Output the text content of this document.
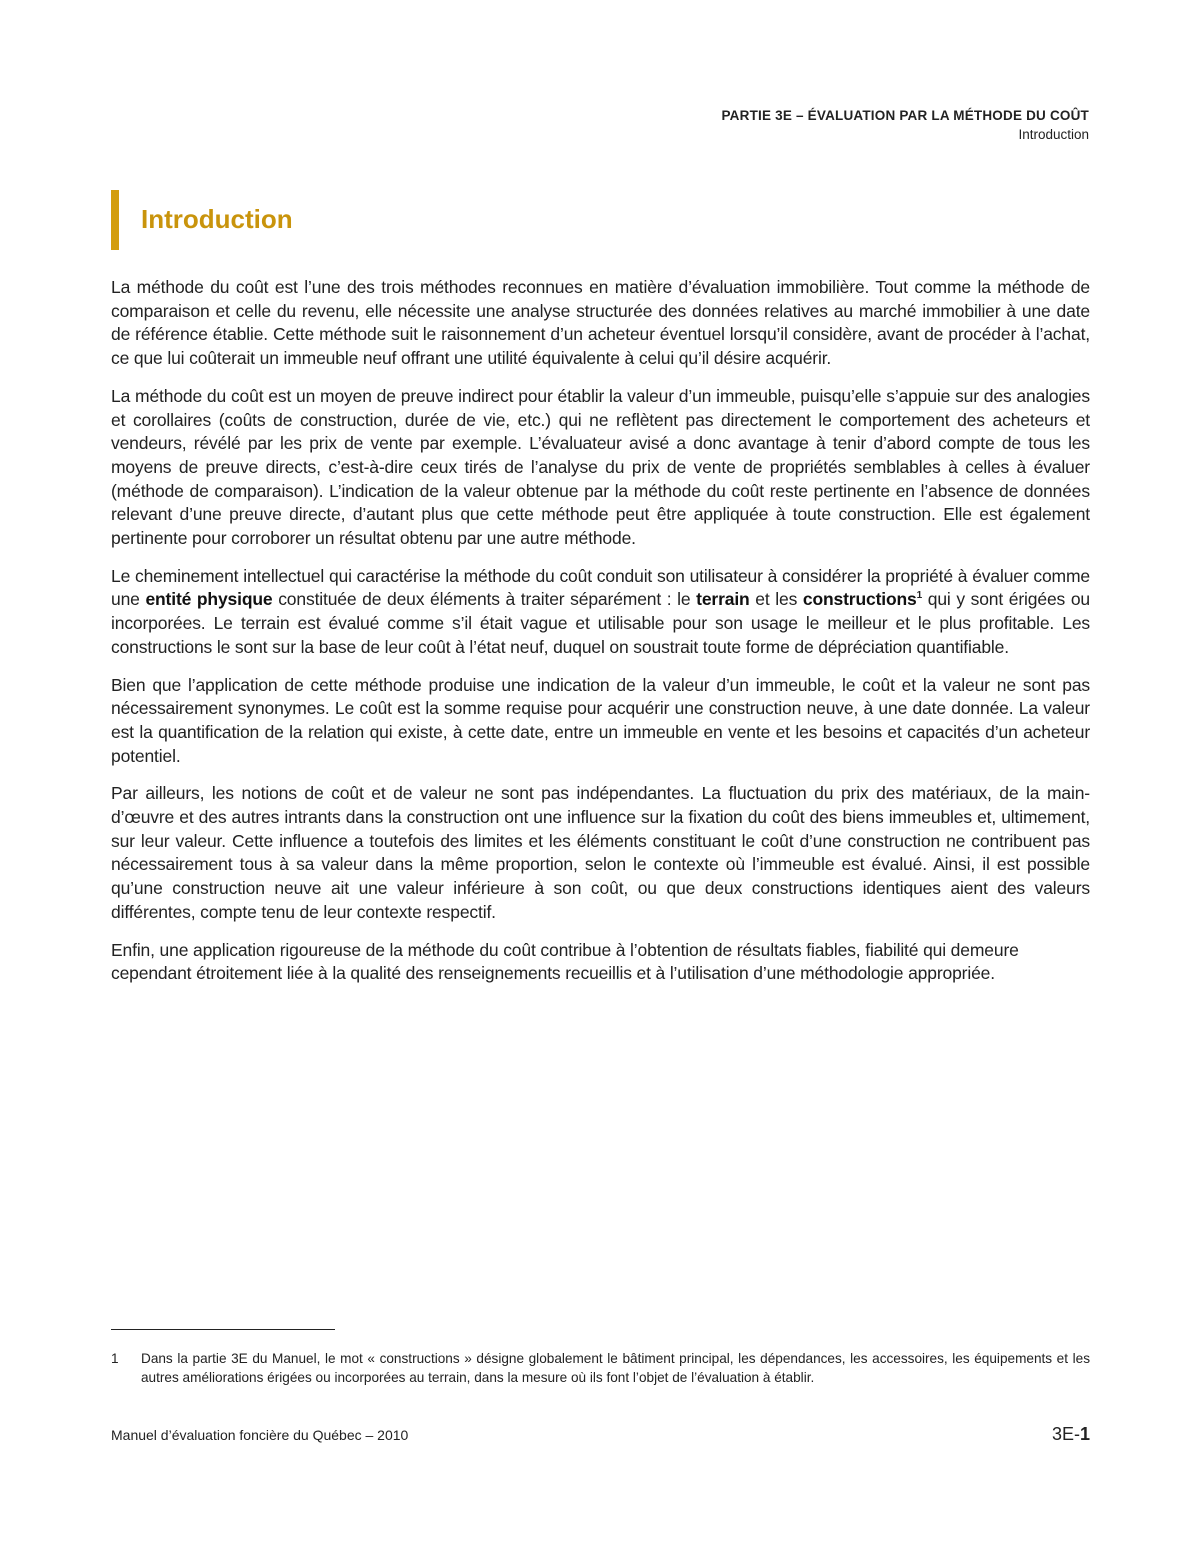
PARTIE 3E – ÉVALUATION PAR LA MÉTHODE DU COÛT
Introduction
Introduction

La méthode du coût est l’une des trois méthodes reconnues en matière d’évaluation immobilière. Tout comme la méthode de comparaison et celle du revenu, elle nécessite une analyse structurée des données relatives au marché immobilier à une date de référence établie. Cette méthode suit le raisonnement d’un acheteur éventuel lorsqu’il considère, avant de procéder à l’achat, ce que lui coûterait un immeuble neuf offrant une utilité équivalente à celui qu’il désire acquérir.

La méthode du coût est un moyen de preuve indirect pour établir la valeur d’un immeuble, puisqu’elle s’appuie sur des analogies et corollaires (coûts de construction, durée de vie, etc.) qui ne reflètent pas directement le comportement des acheteurs et vendeurs, révélé par les prix de vente par exemple. L’évaluateur avisé a donc avantage à tenir d’abord compte de tous les moyens de preuve directs, c’est-à-dire ceux tirés de l’analyse du prix de vente de propriétés semblables à celles à évaluer (méthode de comparaison). L’indication de la valeur obtenue par la méthode du coût reste pertinente en l’absence de données relevant d’une preuve directe, d’autant plus que cette méthode peut être appliquée à toute construction. Elle est également pertinente pour corroborer un résultat obtenu par une autre méthode.

Le cheminement intellectuel qui caractérise la méthode du coût conduit son utilisateur à considérer la propriété à évaluer comme une entité physique constituée de deux éléments à traiter séparément : le terrain et les constructions$^1$ qui y sont érigées ou incorporées. Le terrain est évalué comme s’il était vague et utilisable pour son usage le meilleur et le plus profitable. Les constructions le sont sur la base de leur coût à l’état neuf, duquel on soustrait toute forme de dépréciation quantifiable.

Bien que l’application de cette méthode produise une indication de la valeur d’un immeuble, le coût et la valeur ne sont pas nécessairement synonymes. Le coût est la somme requise pour acquérir une construction neuve, à une date donnée. La valeur est la quantification de la relation qui existe, à cette date, entre un immeuble en vente et les besoins et capacités d’un acheteur potentiel.

Par ailleurs, les notions de coût et de valeur ne sont pas indépendantes. La fluctuation du prix des matériaux, de la main-d’œuvre et des autres intrants dans la construction ont une influence sur la fixation du coût des biens immeubles et, ultimement, sur leur valeur. Cette influence a toutefois des limites et les éléments constituant le coût d’une construction ne contribuent pas nécessairement tous à sa valeur dans la même proportion, selon le contexte où l’immeuble est évalué. Ainsi, il est possible qu’une construction neuve ait une valeur inférieure à son coût, ou que deux constructions identiques aient des valeurs différentes, compte tenu de leur contexte respectif.

Enfin, une application rigoureuse de la méthode du coût contribue à l’obtention de résultats fiables, fiabilité qui demeure cependant étroitement liée à la qualité des renseignements recueillis et à l’utilisation d’une méthodologie appropriée.

1	Dans la partie 3E du Manuel, le mot « constructions » désigne globalement le bâtiment principal, les dépendances, les accessoires, les équipements et les autres améliorations érigées ou incorporées au terrain, dans la mesure où ils font l’objet de l’évaluation à établir.
Manuel d’évaluation foncière du Québec – 2010	3E-1
